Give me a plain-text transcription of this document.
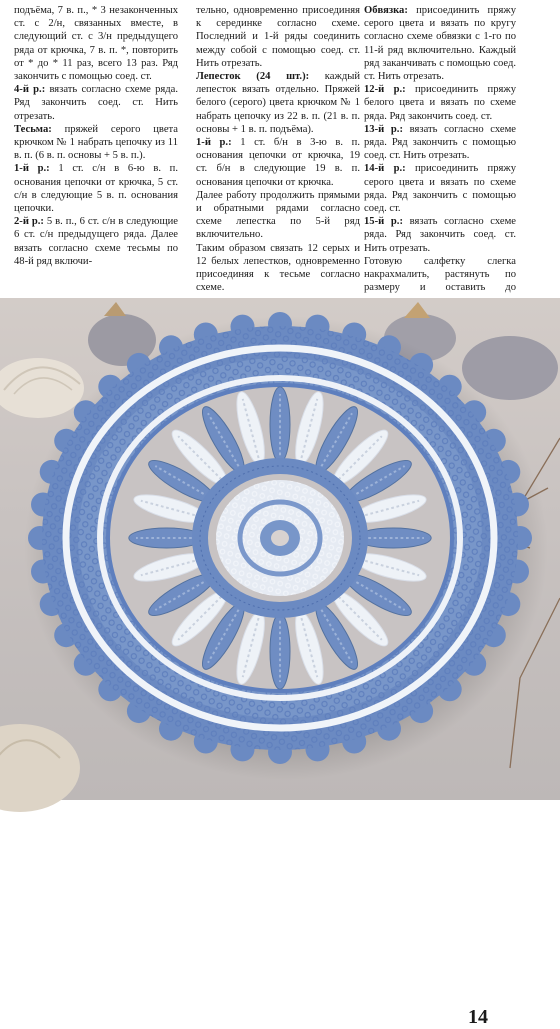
подъёма, 7 в. п., * 3 незаконченных ст. с 2/н, связанных вместе, в следующий ст. с 3/н предыдущего ряда от крючка, 7 в. п. *, повторить от * до * 11 раз, всего 13 раз. Ряд закончить с помощью соед. ст.

4-й р.: вязать согласно схеме ряда. Ряд закончить соед. ст. Нить отрезать.

Тесьма: пряжей серого цвета крючком № 1 набрать цепочку из 11 в. п. (6 в. п. основы + 5 в. п.).

1-й р.: 1 ст. с/н в 6-ю в. п. основания цепочки от крючка, 5 ст. с/н в следующие 5 в. п. основания цепочки.

2-й р.: 5 в. п., 6 ст. с/н в следующие 6 ст. с/н предыдущего ряда. Далее вязать согласно схеме тесьмы по 48-й ряд включи-

тельно, одновременно присоединяя к серединке согласно схеме. Последний и 1-й ряды соединить между собой с помощью соед. ст. Нить отрезать.

Лепесток (24 шт.): каждый лепесток вязать отдельно. Пряжей белого (серого) цвета крючком № 1 набрать цепочку из 22 в. п. (21 в. п. основы + 1 в. п. подъёма).

1-й р.: 1 ст. б/н в 3-ю в. п. основания цепочки от крючка, 19 ст. б/н в следующие 19 в. п. основания цепочки от крючка.

Далее работу продолжить прямыми и обратными рядами согласно схеме лепестка по 5-й ряд включительно.

Таким образом связать 12 серых и 12 белых лепестков, одновременно присоединяя к тесьме согласно схеме.

Обвязка: присоединить пряжу серого цвета и вязать по кругу согласно схеме обвязки с 1-го по 11-й ряд включительно. Каждый ряд заканчивать с помощью соед. ст. Нить отрезать.

12-й р.: присоединить пряжу белого цвета и вязать по схеме ряда. Ряд закончить соед. ст.

13-й р.: вязать согласно схеме ряда. Ряд закончить с помощью соед. ст. Нить отрезать.

14-й р.: присоединить пряжу серого цвета и вязать по схеме ряда. Ряд закончить с помощью соед. ст.

15-й р.: вязать согласно схеме ряда. Ряд закончить соед. ст. Нить отрезать.

Готовую салфетку слегка накрахмалить, растянуть по размеру и оставить до

14
